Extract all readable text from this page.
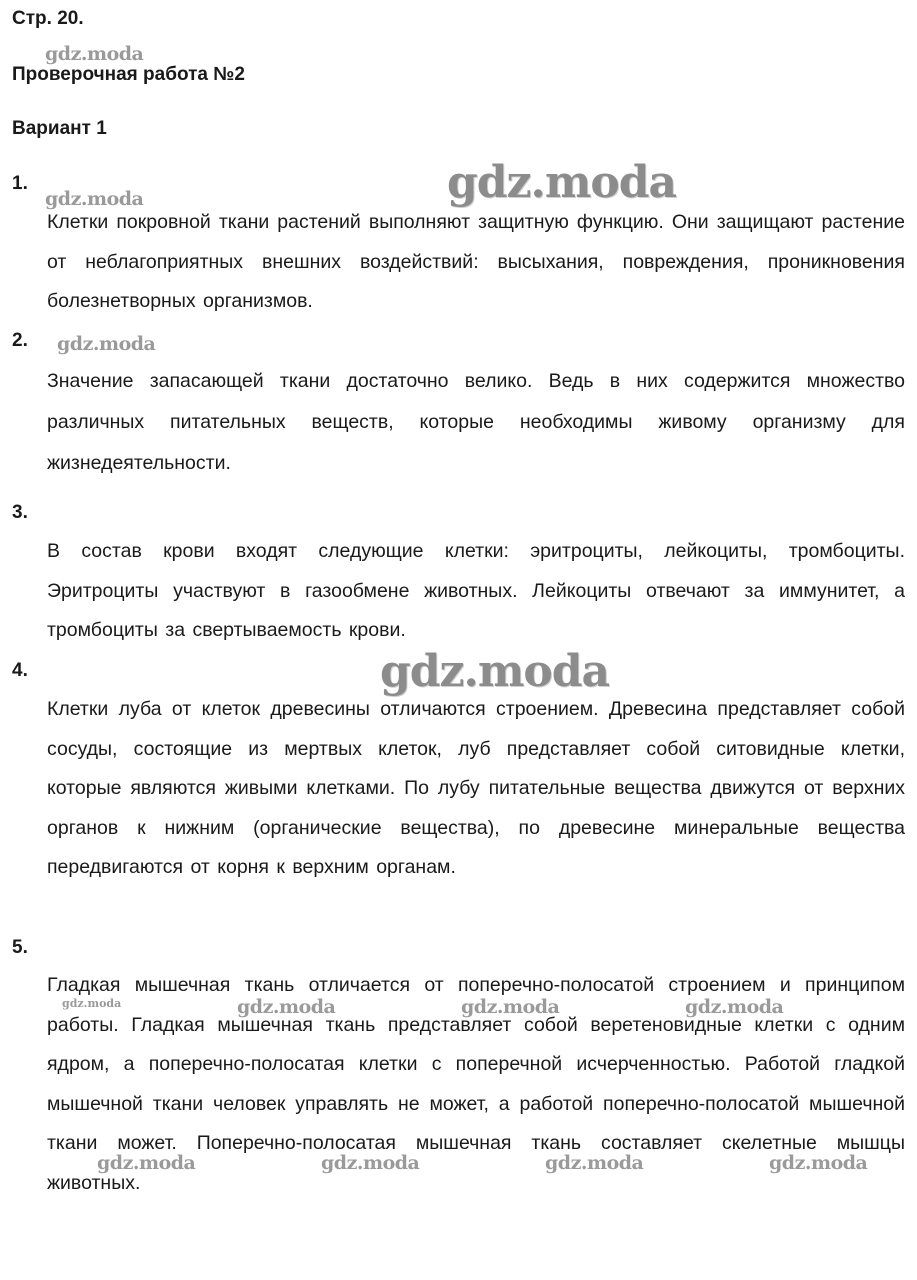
Стр. 20.
Проверочная работа №2
Вариант 1
1.
Клетки покровной ткани растений выполняют защитную функцию. Они защищают растение от неблагоприятных внешних воздействий: высыхания, повреждения, проникновения болезнетворных организмов.
2.
Значение запасающей ткани достаточно велико. Ведь в них содержится множество различных питательных веществ, которые необходимы живому организму для жизнедеятельности.
3.
В состав крови входят следующие клетки: эритроциты, лейкоциты, тромбоциты. Эритроциты участвуют в газообмене животных. Лейкоциты отвечают за иммунитет, а тромбоциты за свертываемость крови.
4.
Клетки луба от клеток древесины отличаются строением. Древесина представляет собой сосуды, состоящие из мертвых клеток, луб представляет собой ситовидные клетки, которые являются живыми клетками. По лубу питательные вещества движутся от верхних органов к нижним (органические вещества), по древесине минеральные вещества передвигаются от корня к верхним органам.
5.
Гладкая мышечная ткань отличается от поперечно-полосатой строением и принципом работы. Гладкая мышечная ткань представляет собой веретеновидные клетки с одним ядром, а поперечно-полосатая клетки с поперечной исчерченностью. Работой гладкой мышечной ткани человек управлять не может, а работой поперечно-полосатой мышечной ткани может. Поперечно-полосатая мышечная ткань составляет скелетные мышцы животных.
gdz.moda
gdz.moda
gdz.moda
gdz.moda
gdz.moda
gdz.moda	gdz.moda	gdz.moda	gdz.moda
gdz.moda	gdz.moda	gdz.moda	gdz.moda
